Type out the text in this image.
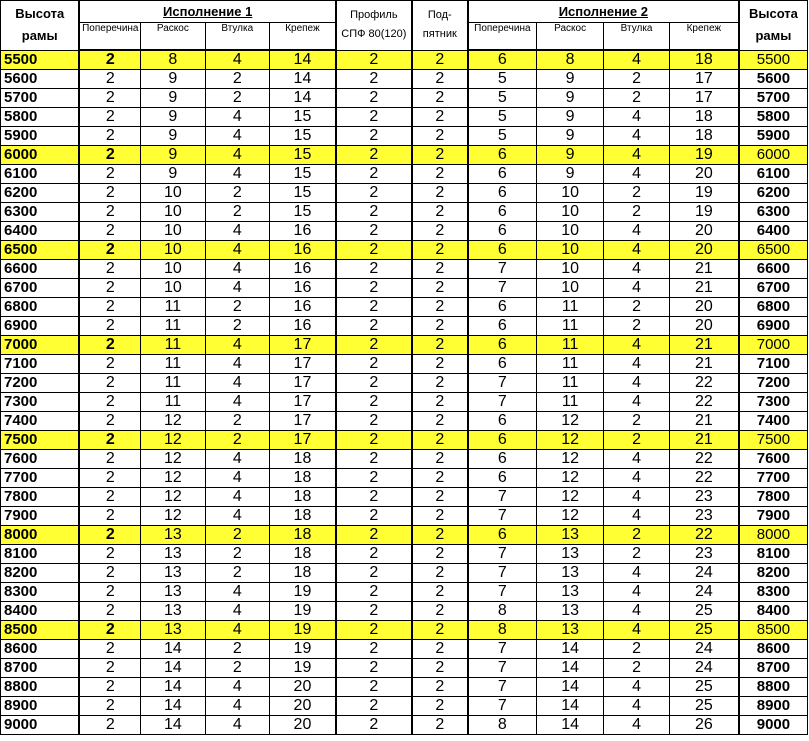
Высота рамы	Исполнение 1				Профиль СПФ 80(120)	Под-пятник	Исполнение 2				Высота рамы
	Поперечина	Раскос	Втулка	Крепеж			Поперечина	Раскос	Втулка	Крепеж	
5500	2	8	4	14	2	2	6	8	4	18	5500
5600	2	9	2	14	2	2	5	9	2	17	5600
5700	2	9	2	14	2	2	5	9	2	17	5700
5800	2	9	4	15	2	2	5	9	4	18	5800
5900	2	9	4	15	2	2	5	9	4	18	5900
6000	2	9	4	15	2	2	6	9	4	19	6000
6100	2	9	4	15	2	2	6	9	4	20	6100
6200	2	10	2	15	2	2	6	10	2	19	6200
6300	2	10	2	15	2	2	6	10	2	19	6300
6400	2	10	4	16	2	2	6	10	4	20	6400
6500	2	10	4	16	2	2	6	10	4	20	6500
6600	2	10	4	16	2	2	7	10	4	21	6600
6700	2	10	4	16	2	2	7	10	4	21	6700
6800	2	11	2	16	2	2	6	11	2	20	6800
6900	2	11	2	16	2	2	6	11	2	20	6900
7000	2	11	4	17	2	2	6	11	4	21	7000
7100	2	11	4	17	2	2	6	11	4	21	7100
7200	2	11	4	17	2	2	7	11	4	22	7200
7300	2	11	4	17	2	2	7	11	4	22	7300
7400	2	12	2	17	2	2	6	12	2	21	7400
7500	2	12	2	17	2	2	6	12	2	21	7500
7600	2	12	4	18	2	2	6	12	4	22	7600
7700	2	12	4	18	2	2	6	12	4	22	7700
7800	2	12	4	18	2	2	7	12	4	23	7800
7900	2	12	4	18	2	2	7	12	4	23	7900
8000	2	13	2	18	2	2	6	13	2	22	8000
8100	2	13	2	18	2	2	7	13	2	23	8100
8200	2	13	2	18	2	2	7	13	4	24	8200
8300	2	13	4	19	2	2	7	13	4	24	8300
8400	2	13	4	19	2	2	8	13	4	25	8400
8500	2	13	4	19	2	2	8	13	4	25	8500
8600	2	14	2	19	2	2	7	14	2	24	8600
8700	2	14	2	19	2	2	7	14	2	24	8700
8800	2	14	4	20	2	2	7	14	4	25	8800
8900	2	14	4	20	2	2	7	14	4	25	8900
9000	2	14	4	20	2	2	8	14	4	26	9000
